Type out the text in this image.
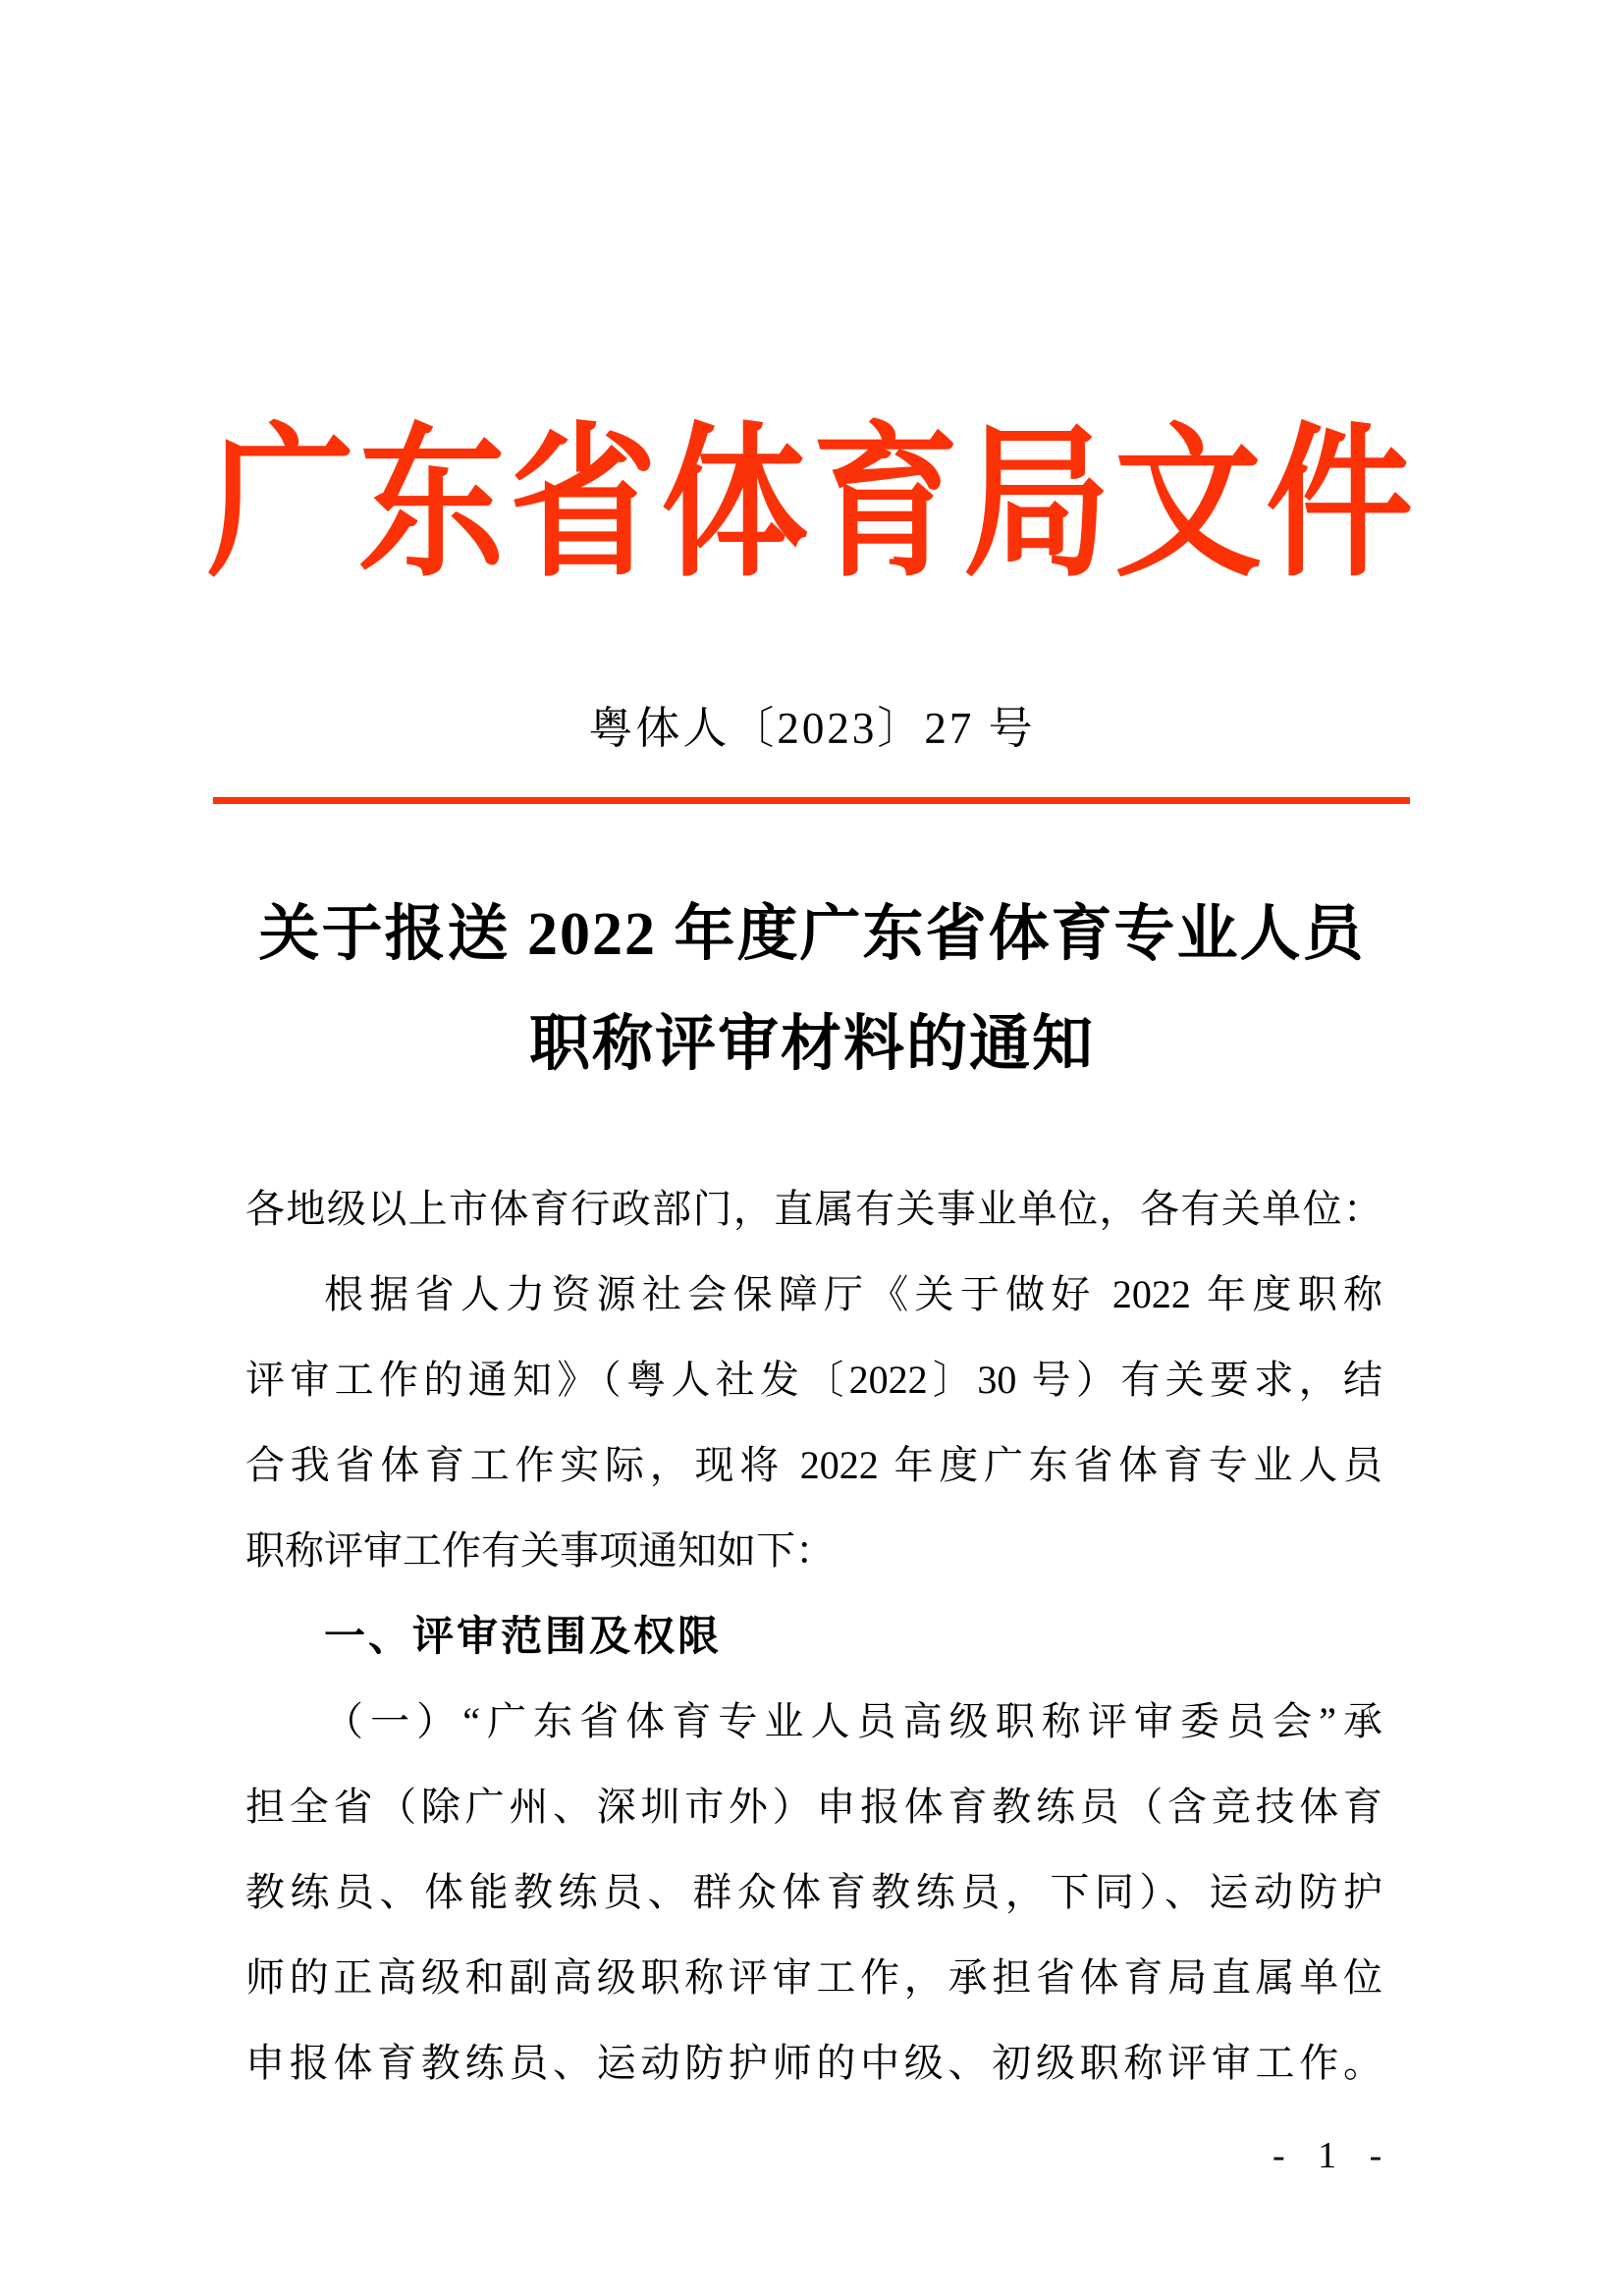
广东省体育局文件
粤体人〔2023〕27 号
关于报送 2022 年度广东省体育专业人员
职称评审材料的通知
各地级以上市体育行政部门，直属有关事业单位，各有关单位：
根据省人力资源社会保障厅《关于做好 2022 年度职称
评审工作的通知》（粤人社发〔2022〕30 号）有关要求，结
合我省体育工作实际，现将 2022 年度广东省体育专业人员
职称评审工作有关事项通知如下：
一、评审范围及权限
（一）“广东省体育专业人员高级职称评审委员会”承
担全省（除广州、深圳市外）申报体育教练员（含竞技体育
教练员、体能教练员、群众体育教练员，下同）、运动防护
师的正高级和副高级职称评审工作，承担省体育局直属单位
申报体育教练员、运动防护师的中级、初级职称评审工作。
- 1 -
